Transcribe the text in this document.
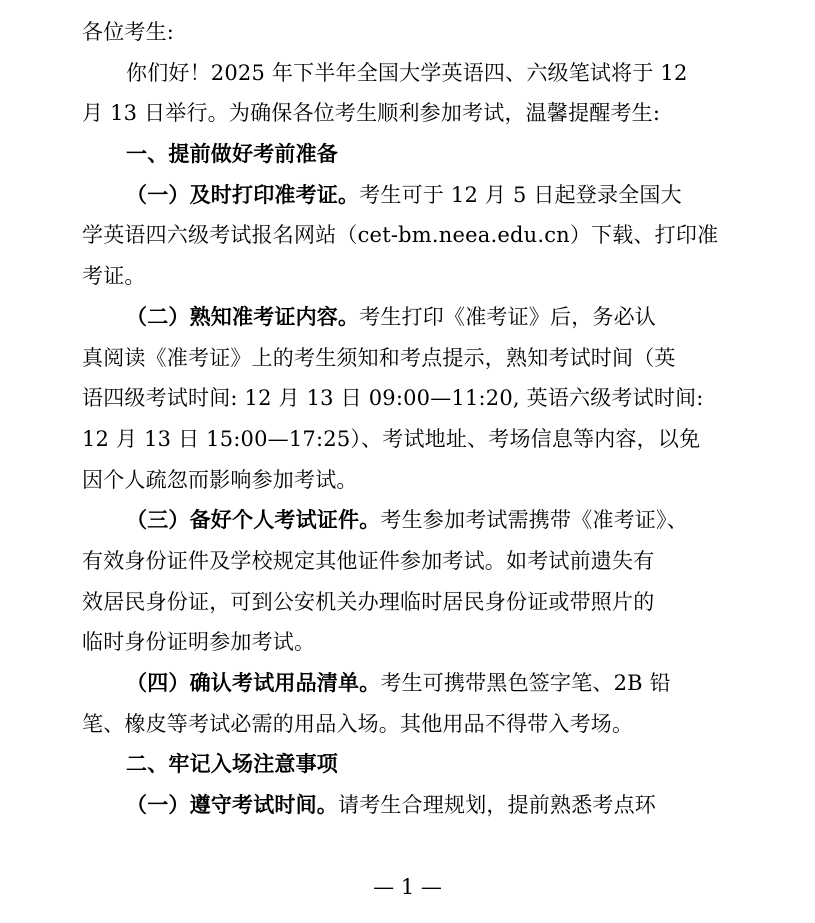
各位考生:
你们好！2025 年下半年全国大学英语四、六级笔试将于 12
月 13 日举行。为确保各位考生顺利参加考试，温馨提醒考生:
一、提前做好考前准备
（一）及时打印准考证。考生可于 12 月 5 日起登录全国大
学英语四六级考试报名网站（cet-bm.neea.edu.cn）下载、打印准
考证。
（二）熟知准考证内容。考生打印《准考证》后，务必认
真阅读《准考证》上的考生须知和考点提示，熟知考试时间（英
语四级考试时间: 12 月 13 日 09:00—11:20, 英语六级考试时间:
12 月 13 日 15:00—17:25）、考试地址、考场信息等内容，以免
因个人疏忽而影响参加考试。
（三）备好个人考试证件。考生参加考试需携带《准考证》、
有效身份证件及学校规定其他证件参加考试。如考试前遗失有
效居民身份证，可到公安机关办理临时居民身份证或带照片的
临时身份证明参加考试。
（四）确认考试用品清单。考生可携带黑色签字笔、2B 铅
笔、橡皮等考试必需的用品入场。其他用品不得带入考场。
二、牢记入场注意事项
（一）遵守考试时间。请考生合理规划，提前熟悉考点环
— 1 —
